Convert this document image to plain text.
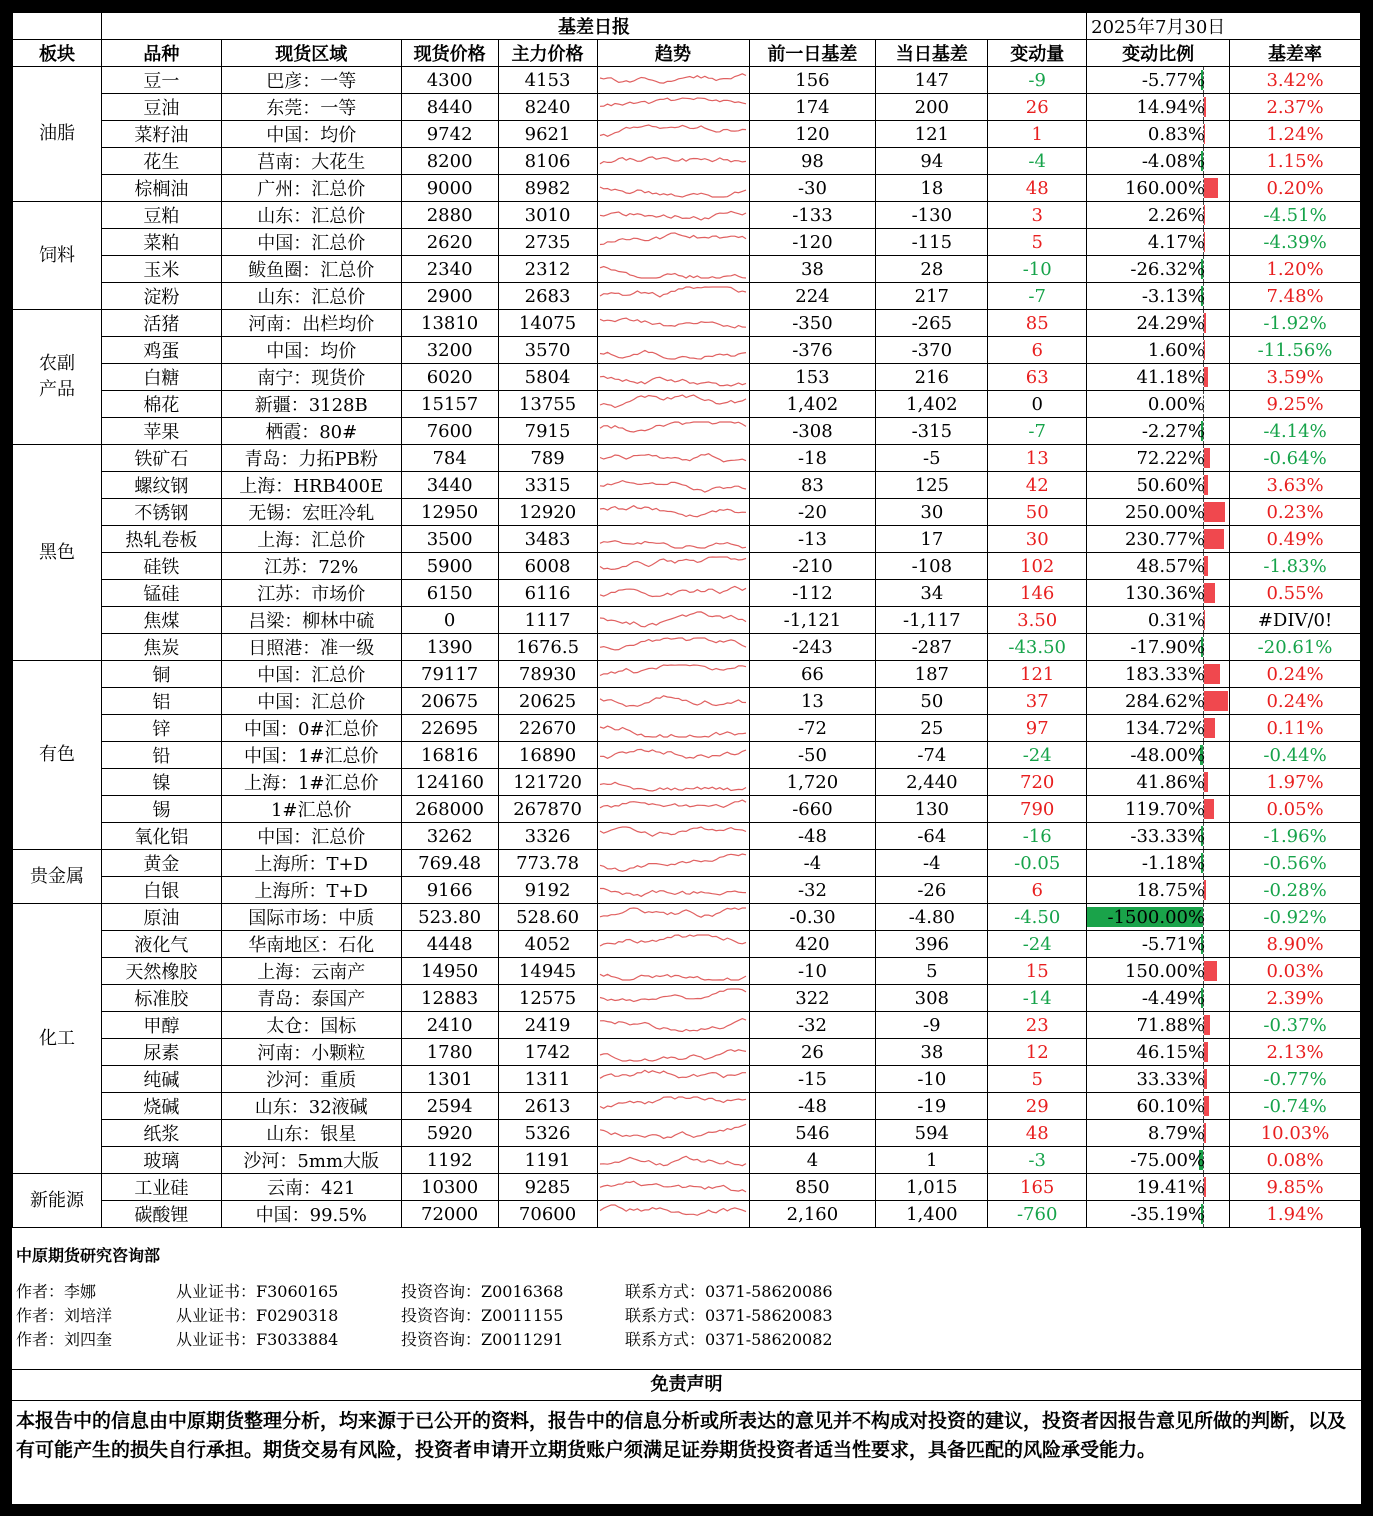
	基差日报								2025年7月30日	
板块	品种	现货区域	现货价格	主力价格	趋势	前一日基差	当日基差	变动量	变动比例	基差率
油脂	豆一	巴彦：一等	4300	4153		156	147	-9	-5.77%	3.42%
	豆油	东莞：一等	8440	8240		174	200	26	14.94%	2.37%
	菜籽油	中国：均价	9742	9621		120	121	1	0.83%	1.24%
	花生	莒南：大花生	8200	8106		98	94	-4	-4.08%	1.15%
	棕榈油	广州：汇总价	9000	8982		-30	18	48	160.00%	0.20%
饲料	豆粕	山东：汇总价	2880	3010		-133	-130	3	2.26%	-4.51%
	菜粕	中国：汇总价	2620	2735		-120	-115	5	4.17%	-4.39%
	玉米	鲅鱼圈：汇总价	2340	2312		38	28	-10	-26.32%	1.20%
	淀粉	山东：汇总价	2900	2683		224	217	-7	-3.13%	7.48%
农副产品	活猪	河南：出栏均价	13810	14075		-350	-265	85	24.29%	-1.92%
	鸡蛋	中国：均价	3200	3570		-376	-370	6	1.60%	-11.56%
	白糖	南宁：现货价	6020	5804		153	216	63	41.18%	3.59%
	棉花	新疆：3128B	15157	13755		1,402	1,402	0	0.00%	9.25%
	苹果	栖霞：80#	7600	7915		-308	-315	-7	-2.27%	-4.14%
黑色	铁矿石	青岛：力拓PB粉	784	789		-18	-5	13	72.22%	-0.64%
	螺纹钢	上海：HRB400E	3440	3315		83	125	42	50.60%	3.63%
	不锈钢	无锡：宏旺冷轧	12950	12920		-20	30	50	250.00%	0.23%
	热轧卷板	上海：汇总价	3500	3483		-13	17	30	230.77%	0.49%
	硅铁	江苏：72%	5900	6008		-210	-108	102	48.57%	-1.83%
	锰硅	江苏：市场价	6150	6116		-112	34	146	130.36%	0.55%
	焦煤	吕梁：柳林中硫	0	1117		-1,121	-1,117	3.50	0.31%	#DIV/0!
	焦炭	日照港：准一级	1390	1676.5		-243	-287	-43.50	-17.90%	-20.61%
有色	铜	中国：汇总价	79117	78930		66	187	121	183.33%	0.24%
	铝	中国：汇总价	20675	20625		13	50	37	284.62%	0.24%
	锌	中国：0#汇总价	22695	22670		-72	25	97	134.72%	0.11%
	铅	中国：1#汇总价	16816	16890		-50	-74	-24	-48.00%	-0.44%
	镍	上海：1#汇总价	124160	121720		1,720	2,440	720	41.86%	1.97%
	锡	1#汇总价	268000	267870		-660	130	790	119.70%	0.05%
	氧化铝	中国：汇总价	3262	3326		-48	-64	-16	-33.33%	-1.96%
贵金属	黄金	上海所：T+D	769.48	773.78		-4	-4	-0.05	-1.18%	-0.56%
	白银	上海所：T+D	9166	9192		-32	-26	6	18.75%	-0.28%
化工	原油	国际市场：中质	523.80	528.60		-0.30	-4.80	-4.50	-1500.00%	-0.92%
	液化气	华南地区：石化	4448	4052		420	396	-24	-5.71%	8.90%
	天然橡胶	上海：云南产	14950	14945		-10	5	15	150.00%	0.03%
	标准胶	青岛：泰国产	12883	12575		322	308	-14	-4.49%	2.39%
	甲醇	太仓：国标	2410	2419		-32	-9	23	71.88%	-0.37%
	尿素	河南：小颗粒	1780	1742		26	38	12	46.15%	2.13%
	纯碱	沙河：重质	1301	1311		-15	-10	5	33.33%	-0.77%
	烧碱	山东：32液碱	2594	2613		-48	-19	29	60.10%	-0.74%
	纸浆	山东：银星	5920	5326		546	594	48	8.79%	10.03%
	玻璃	沙河：5mm大版	1192	1191		4	1	-3	-75.00%	0.08%
新能源	工业硅	云南：421	10300	9285		850	1,015	165	19.41%	9.85%
	碳酸锂	中国：99.5%	72000	70600		2,160	1,400	-760	-35.19%	1.94%
中原期货研究咨询部
作者：李娜	从业证书：F3060165	投资咨询：Z0016368	联系方式：0371-58620086
作者：刘培洋	从业证书：F0290318	投资咨询：Z0011155	联系方式：0371-58620083
作者：刘四奎	从业证书：F3033884	投资咨询：Z0011291	联系方式：0371-58620082
免责声明
本报告中的信息由中原期货整理分析，均来源于已公开的资料，报告中的信息分析或所表达的意见并不构成对投资的建议，投资者因报告意见所做的判断，以及有可能产生的损失自行承担。期货交易有风险，投资者申请开立期货账户须满足证券期货投资者适当性要求，具备匹配的风险承受能力。
